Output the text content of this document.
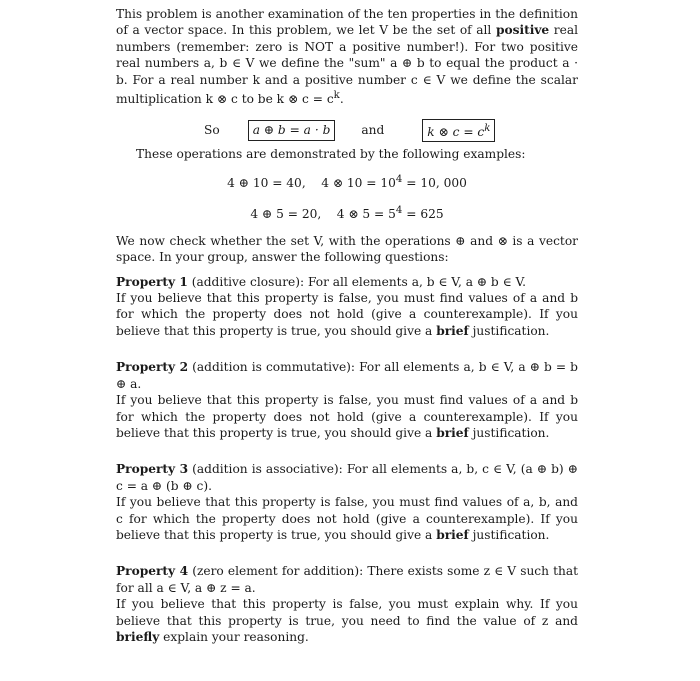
This problem is another examination of the ten properties in the definition of a vector space. In this problem, we let V be the set of all positive real numbers (remember: zero is NOT a positive number!). For two positive real numbers a, b ∈ V we define the "sum" a ⊕ b to equal the product a · b. For a real number k and a positive number c ∈ V we define the scalar multiplication k ⊗ c to be k ⊗ $c = c^k$.

So	a ⊕ b = a · b	and	k ⊗ $c = c^k$

These operations are demonstrated by the following examples:

4 ⊕ 10 = 40, 4 ⊗ $10 = 10^4 = 10$, 000

4 ⊕ 5 = 20, 4 ⊗ $5 = 5^4 = 625$

We now check whether the set V, with the operations ⊕ and ⊗ is a vector space. In your group, answer the following questions:

Property 1 (additive closure): For all elements a, b ∈ V, a ⊕ b ∈ V.

If you believe that this property is false, you must find values of a and b for which the property does not hold (give a counterexample). If you believe that this property is true, you should give a brief justification.

Property 2 (addition is commutative): For all elements a, b ∈ V, a ⊕ b = b ⊕ a.

If you believe that this property is false, you must find values of a and b for which the property does not hold (give a counterexample). If you believe that this property is true, you should give a brief justification.

Property 3 (addition is associative): For all elements a, b, c ∈ V, (a ⊕ b) ⊕ c = a ⊕ (b ⊕ c).

If you believe that this property is false, you must find values of a, b, and c for which the property does not hold (give a counterexample). If you believe that this property is true, you should give a brief justification.

Property 4 (zero element for addition): There exists some z ∈ V such that for all a ∈ V, a ⊕ z = a.

If you believe that this property is false, you must explain why. If you believe that this property is true, you need to find the value of z and briefly explain your reasoning.
